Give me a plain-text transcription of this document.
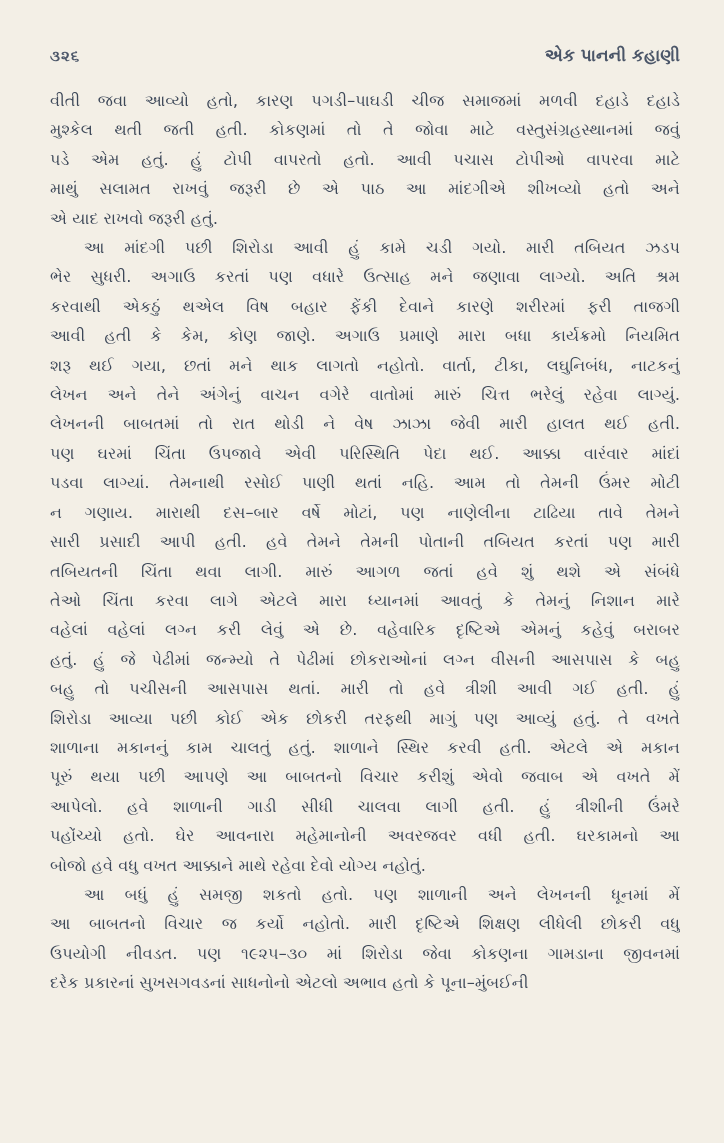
૩૨૬	એક પાનની કહાણી

વીતી જવા આવ્યો હતો, કારણ પગડી–પાઘડી ચીજ સમાજમાં મળવી દહાડે દહાડે
મુશ્કેલ થતી જતી હતી. કોકણમાં તો તે જોવા માટે વસ્તુસંગ્રહસ્થાનમાં જવું
પડે એમ હતું. હું ટોપી વાપરતો હતો. આવી પચાસ ટોપીઓ વાપરવા માટે
માથું સલામત રાખવું જરૂરી છે એ પાઠ આ માંદગીએ શીખવ્યો હતો અને
એ યાદ રાખવો જરૂરી હતું.

આ માંદગી પછી શિરોડા આવી હું કામે ચડી ગયો. મારી તબિયત ઝડપ
ભેર સુધરી. અગાઉ કરતાં પણ વધારે ઉત્સાહ મને જણાવા લાગ્યો. અતિ શ્રમ
કરવાથી એકઠું થએલ વિષ બહાર ફેંકી દેવાને કારણે શરીરમાં ફરી તાજગી
આવી હતી કે કેમ, કોણ જાણે. અગાઉ પ્રમાણે મારા બધા કાર્યક્રમો નિયમિત
શરૂ થઈ ગયા, છતાં મને થાક લાગતો નહોતો. વાર્તા, ટીકા, લઘુનિબંધ, નાટકનું
લેખન અને તેને અંગેનું વાચન વગેરે વાતોમાં મારું ચિત્ત ભરેલું રહેવા લાગ્યું.
લેખનની બાબતમાં તો રાત થોડી ને વેષ ઝાઝા જેવી મારી હાલત થઈ હતી.
પણ ઘરમાં ચિંતા ઉપજાવે એવી પરિસ્થિતિ પેદા થઈ. આક્કા વારંવાર માંદાં
પડવા લાગ્યાં. તેમનાથી રસોઈ પાણી થતાં નહિ. આમ તો તેમની ઉંમર મોટી
ન ગણાય. મારાથી દસ–બાર વર્ષે મોટાં, પણ નાણેલીના ટાઢિયા તાવે તેમને
સારી પ્રસાદી આપી હતી. હવે તેમને તેમની પોતાની તબિયત કરતાં પણ મારી
તબિયતની ચિંતા થવા લાગી. મારું આગળ જતાં હવે શું થશે એ સંબંધે
તેઓ ચિંતા કરવા લાગે એટલે મારા ધ્યાનમાં આવતું કે તેમનું નિશાન મારે
વહેલાં વહેલાં લગ્ન કરી લેવું એ છે. વહેવારિક દૃષ્ટિએ એમનું કહેવું બરાબર
હતું. હું જે પેઢીમાં જન્મ્યો તે પેઢીમાં છોકરાઓનાં લગ્ન વીસની આસપાસ કે બહુ
બહુ તો પચીસની આસપાસ થતાં. મારી તો હવે ત્રીશી આવી ગઈ હતી. હું
શિરોડા આવ્યા પછી કોઈ એક છોકરી તરફથી માગું પણ આવ્યું હતું. તે વખતે
શાળાના મકાનનું કામ ચાલતું હતું. શાળાને સ્થિર કરવી હતી. એટલે એ મકાન
પૂરું થયા પછી આપણે આ બાબતનો વિચાર કરીશું એવો જવાબ એ વખતે મેં
આપેલો. હવે શાળાની ગાડી સીધી ચાલવા લાગી હતી. હું ત્રીશીની ઉંમરે
પહોંચ્યો હતો. ઘેર આવનારા મહેમાનોની અવરજવર વધી હતી. ઘરકામનો આ
બોજો હવે વધુ વખત આક્કાને માથે રહેવા દેવો યોગ્ય નહોતું.

આ બધું હું સમજી શકતો હતો. પણ શાળાની અને લેખનની ધૂનમાં મેં
આ બાબતનો વિચાર જ કર્યો નહોતો. મારી દૃષ્ટિએ શિક્ષણ લીધેલી છોકરી વધુ
ઉપયોગી નીવડત. પણ ૧૯૨૫–૩૦ માં શિરોડા જેવા કોકણના ગામડાના જીવનમાં
દરેક પ્રકારનાં સુખસગવડનાં સાધનોનો એટલો અભાવ હતો કે પૂના–મુંબઈની
